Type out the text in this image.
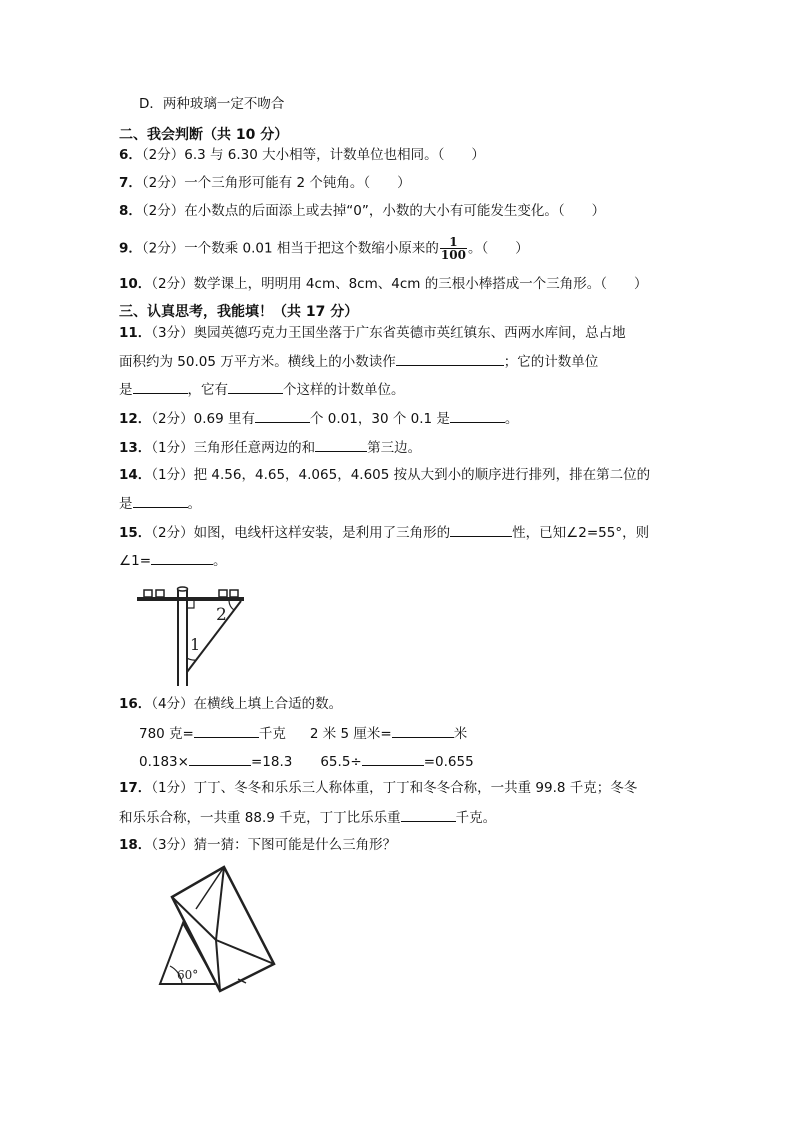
D．两种玻璃一定不吻合
二、我会判断（共 10 分）
6．（2分）6.3 与 6.30 大小相等，计数单位也相同。（　　）
7．（2分）一个三角形可能有 2 个钝角。（　　）
8．（2分）在小数点的后面添上或去掉“0”，小数的大小有可能发生变化。（　　）
9．（2分）一个数乘 0.01 相当于把这个数缩小原来的 $\frac{1}{100}$ 。（　　）
10．（2分）数学课上，明明用 4cm、8cm、4cm 的三根小棒搭成一个三角形。（　　）
三、认真思考，我能填！（共 17 分）
11．（3分）奥园英德巧克力王国坐落于广东省英德市英红镇东、西两水库间，总占地
面积约为 50.05 万平方米。横线上的小数读作	；它的计数单位
是	，它有	个这样的计数单位。
12．（2分）0.69 里有	个 0.01，30 个 0.1 是	。
13．（1分）三角形任意两边的和	第三边。
14．（1分）把 4.56，4.65，4.065，4.605 按从大到小的顺序进行排列，排在第二位的
是	。
15．（2分）如图，电线杆这样安装，是利用了三角形的	性，已知∠2=55°，则
∠1=	。
2
1
16．（4分）在横线上填上合适的数。
780 克=	千克 2 米 5 厘米=	米
0.183×	=18.3 65.5÷	=0.655
17．（1分）丁丁、冬冬和乐乐三人称体重，丁丁和冬冬合称，一共重 99.8 千克；冬冬
和乐乐合称，一共重 88.9 千克，丁丁比乐乐重	千克。
18．（3分）猜一猜：下图可能是什么三角形？
60°
